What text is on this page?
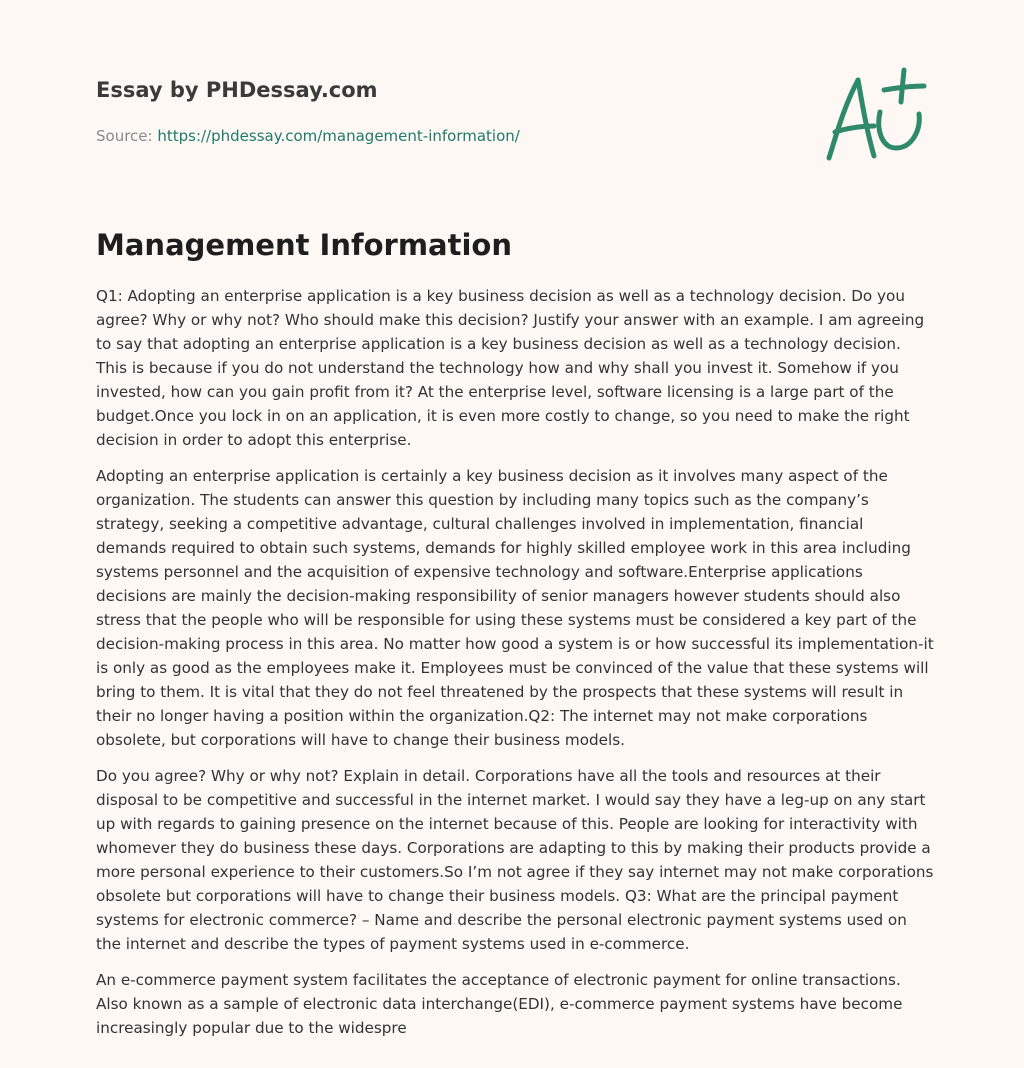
Essay by PHDessay.com
Source: https://phdessay.com/management-information/
Management Information

Q1: Adopting an enterprise application is a key business decision as well as a technology decision. Do you agree? Why or why not? Who should make this decision? Justify your answer with an example. I am agreeing to say that adopting an enterprise application is a key business decision as well as a technology decision. This is because if you do not understand the technology how and why shall you invest it. Somehow if you invested, how can you gain profit from it? At the enterprise level, software licensing is a large part of the budget.Once you lock in on an application, it is even more costly to change, so you need to make the right decision in order to adopt this enterprise.

Adopting an enterprise application is certainly a key business decision as it involves many aspect of the organization. The students can answer this question by including many topics such as the company’s strategy, seeking a competitive advantage, cultural challenges involved in implementation, financial demands required to obtain such systems, demands for highly skilled employee work in this area including systems personnel and the acquisition of expensive technology and software.Enterprise applications decisions are mainly the decision-making responsibility of senior managers however students should also stress that the people who will be responsible for using these systems must be considered a key part of the decision-making process in this area. No matter how good a system is or how successful its implementation-it is only as good as the employees make it. Employees must be convinced of the value that these systems will bring to them. It is vital that they do not feel threatened by the prospects that these systems will result in their no longer having a position within the organization.Q2: The internet may not make corporations obsolete, but corporations will have to change their business models.

Do you agree? Why or why not? Explain in detail. Corporations have all the tools and resources at their disposal to be competitive and successful in the internet market. I would say they have a leg-up on any start up with regards to gaining presence on the internet because of this. People are looking for interactivity with whomever they do business these days. Corporations are adapting to this by making their products provide a more personal experience to their customers.So I’m not agree if they say internet may not make corporations obsolete but corporations will have to change their business models. Q3: What are the principal payment systems for electronic commerce? – Name and describe the personal electronic payment systems used on the internet and describe the types of payment systems used in e-commerce.

An e-commerce payment system facilitates the acceptance of electronic payment for online transactions. Also known as a sample of electronic data interchange(EDI), e-commerce payment systems have become increasingly popular due to the widespre
